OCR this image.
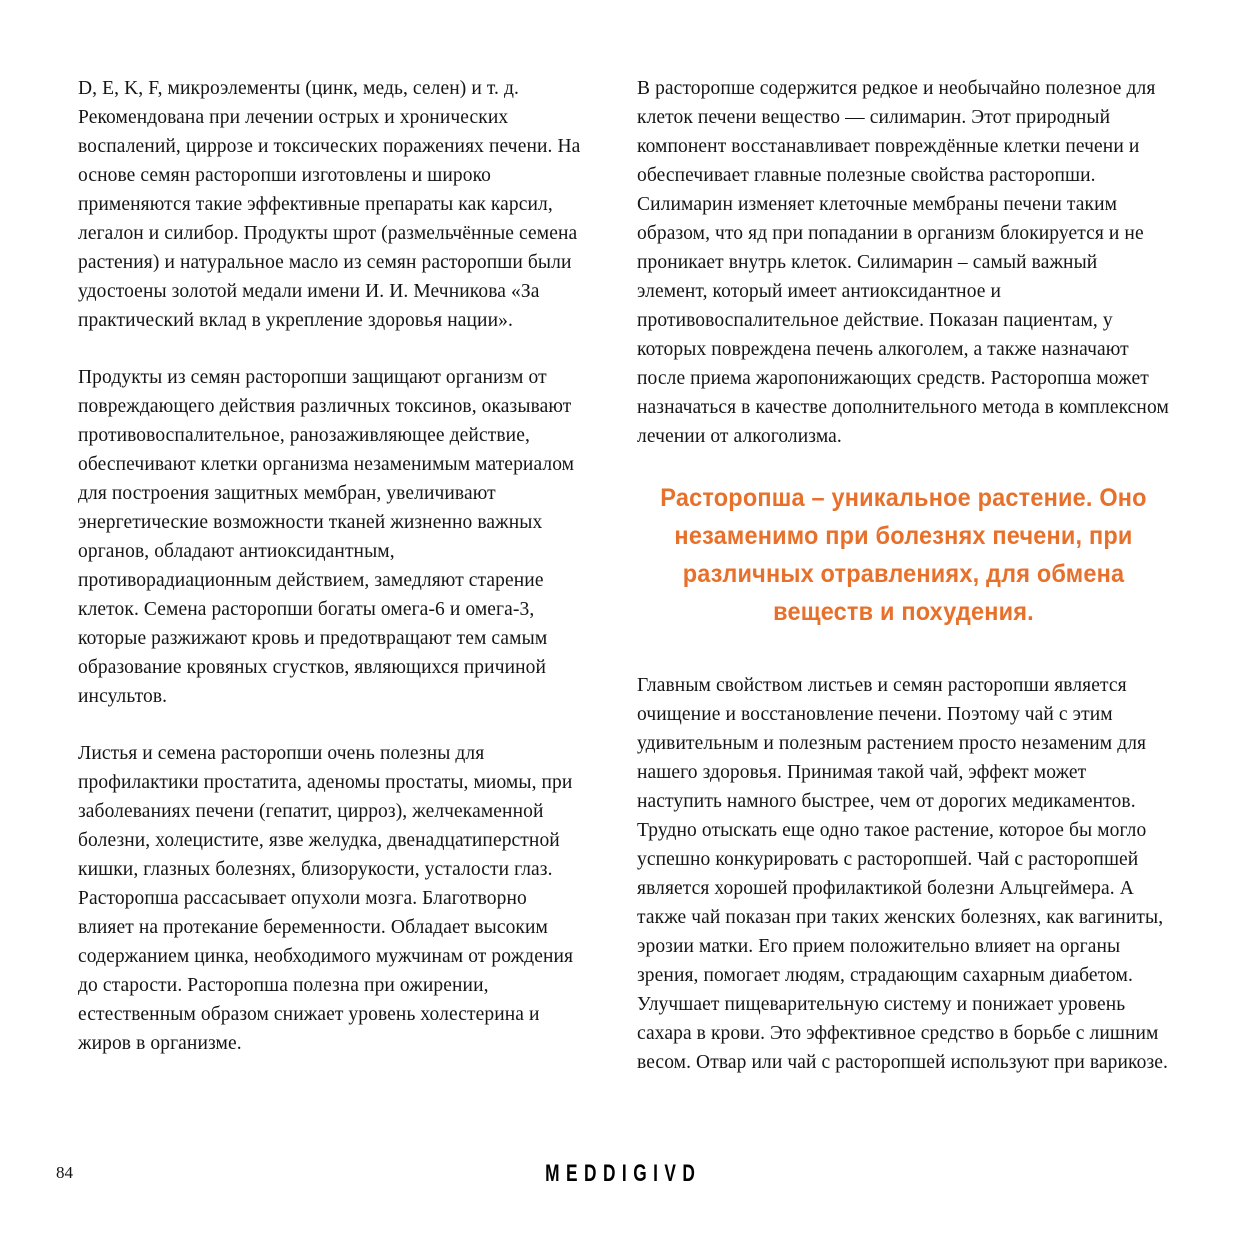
D, E, K, F, микроэлементы (цинк, медь, селен) и т. д. Рекомендована при лечении острых и хронических воспалений, циррозе и токсических поражениях печени. На основе семян расторопши изготовлены и широко применяются такие эффективные препараты как карсил, легалон и силибор. Продукты шрот (размельчённые семена растения) и натуральное масло из семян расторопши были удостоены золотой медали имени И. И. Мечникова «За практический вклад в укрепление здоровья нации».

Продукты из семян расторопши защищают организм от повреждающего действия различных токсинов, оказывают противовоспалительное, ранозаживляющее действие, обеспечивают клетки организма незаменимым материалом для построения защитных мембран, увеличивают энергетические возможности тканей жизненно важных органов, обладают антиоксидантным, противорадиационным действием, замедляют старение клеток. Семена расторопши богаты омега-6 и омега-3, которые разжижают кровь и предотвращают тем самым образование кровяных сгустков, являющихся причиной инсультов.

Листья и семена расторопши очень полезны для профилактики простатита, аденомы простаты, миомы, при заболеваниях печени (гепатит, цирроз), желчекаменной болезни, холецистите, язве желудка, двенадцатиперстной кишки, глазных болезнях, близорукости, усталости глаз. Расторопша рассасывает опухоли мозга. Благотворно влияет на протекание беременности. Обладает высоким содержанием цинка, необходимого мужчинам от рождения до старости. Расторопша полезна при ожирении, естественным образом снижает уровень холестерина и жиров в организме.

В расторопше содержится редкое и необычайно полезное для клеток печени вещество — силимарин. Этот природный компонент восстанавливает повреждённые клетки печени и обеспечивает главные полезные свойства расторопши. Силимарин изменяет клеточные мембраны печени таким образом, что яд при попадании в организм блокируется и не проникает внутрь клеток. Силимарин – самый важный элемент, который имеет антиоксидантное и противовоспалительное действие. Показан пациентам, у которых повреждена печень алкоголем, а также назначают после приема жаропонижающих средств. Расторопша может назначаться в качестве дополнительного метода в комплексном лечении от алкоголизма.

Расторопша – уникальное растение. Оно незаменимо при болезнях печени, при различных отравлениях, для обмена веществ и похудения.

Главным свойством листьев и семян расторопши является очищение и восстановление печени. Поэтому чай с этим удивительным и полезным растением просто незаменим для нашего здоровья. Принимая такой чай, эффект может наступить намного быстрее, чем от дорогих медикаментов. Трудно отыскать еще одно такое растение, которое бы могло успешно конкурировать с расторопшей. Чай с расторопшей является хорошей профилактикой болезни Альцгеймера. А также чай показан при таких женских болезнях, как вагиниты, эрозии матки. Его прием положительно влияет на органы зрения, помогает людям, страдающим сахарным диабетом. Улучшает пищеварительную систему и понижает уровень сахара в крови. Это эффективное средство в борьбе с лишним весом. Отвар или чай с расторопшей используют при варикозе.

84	MEDDIGIVD
